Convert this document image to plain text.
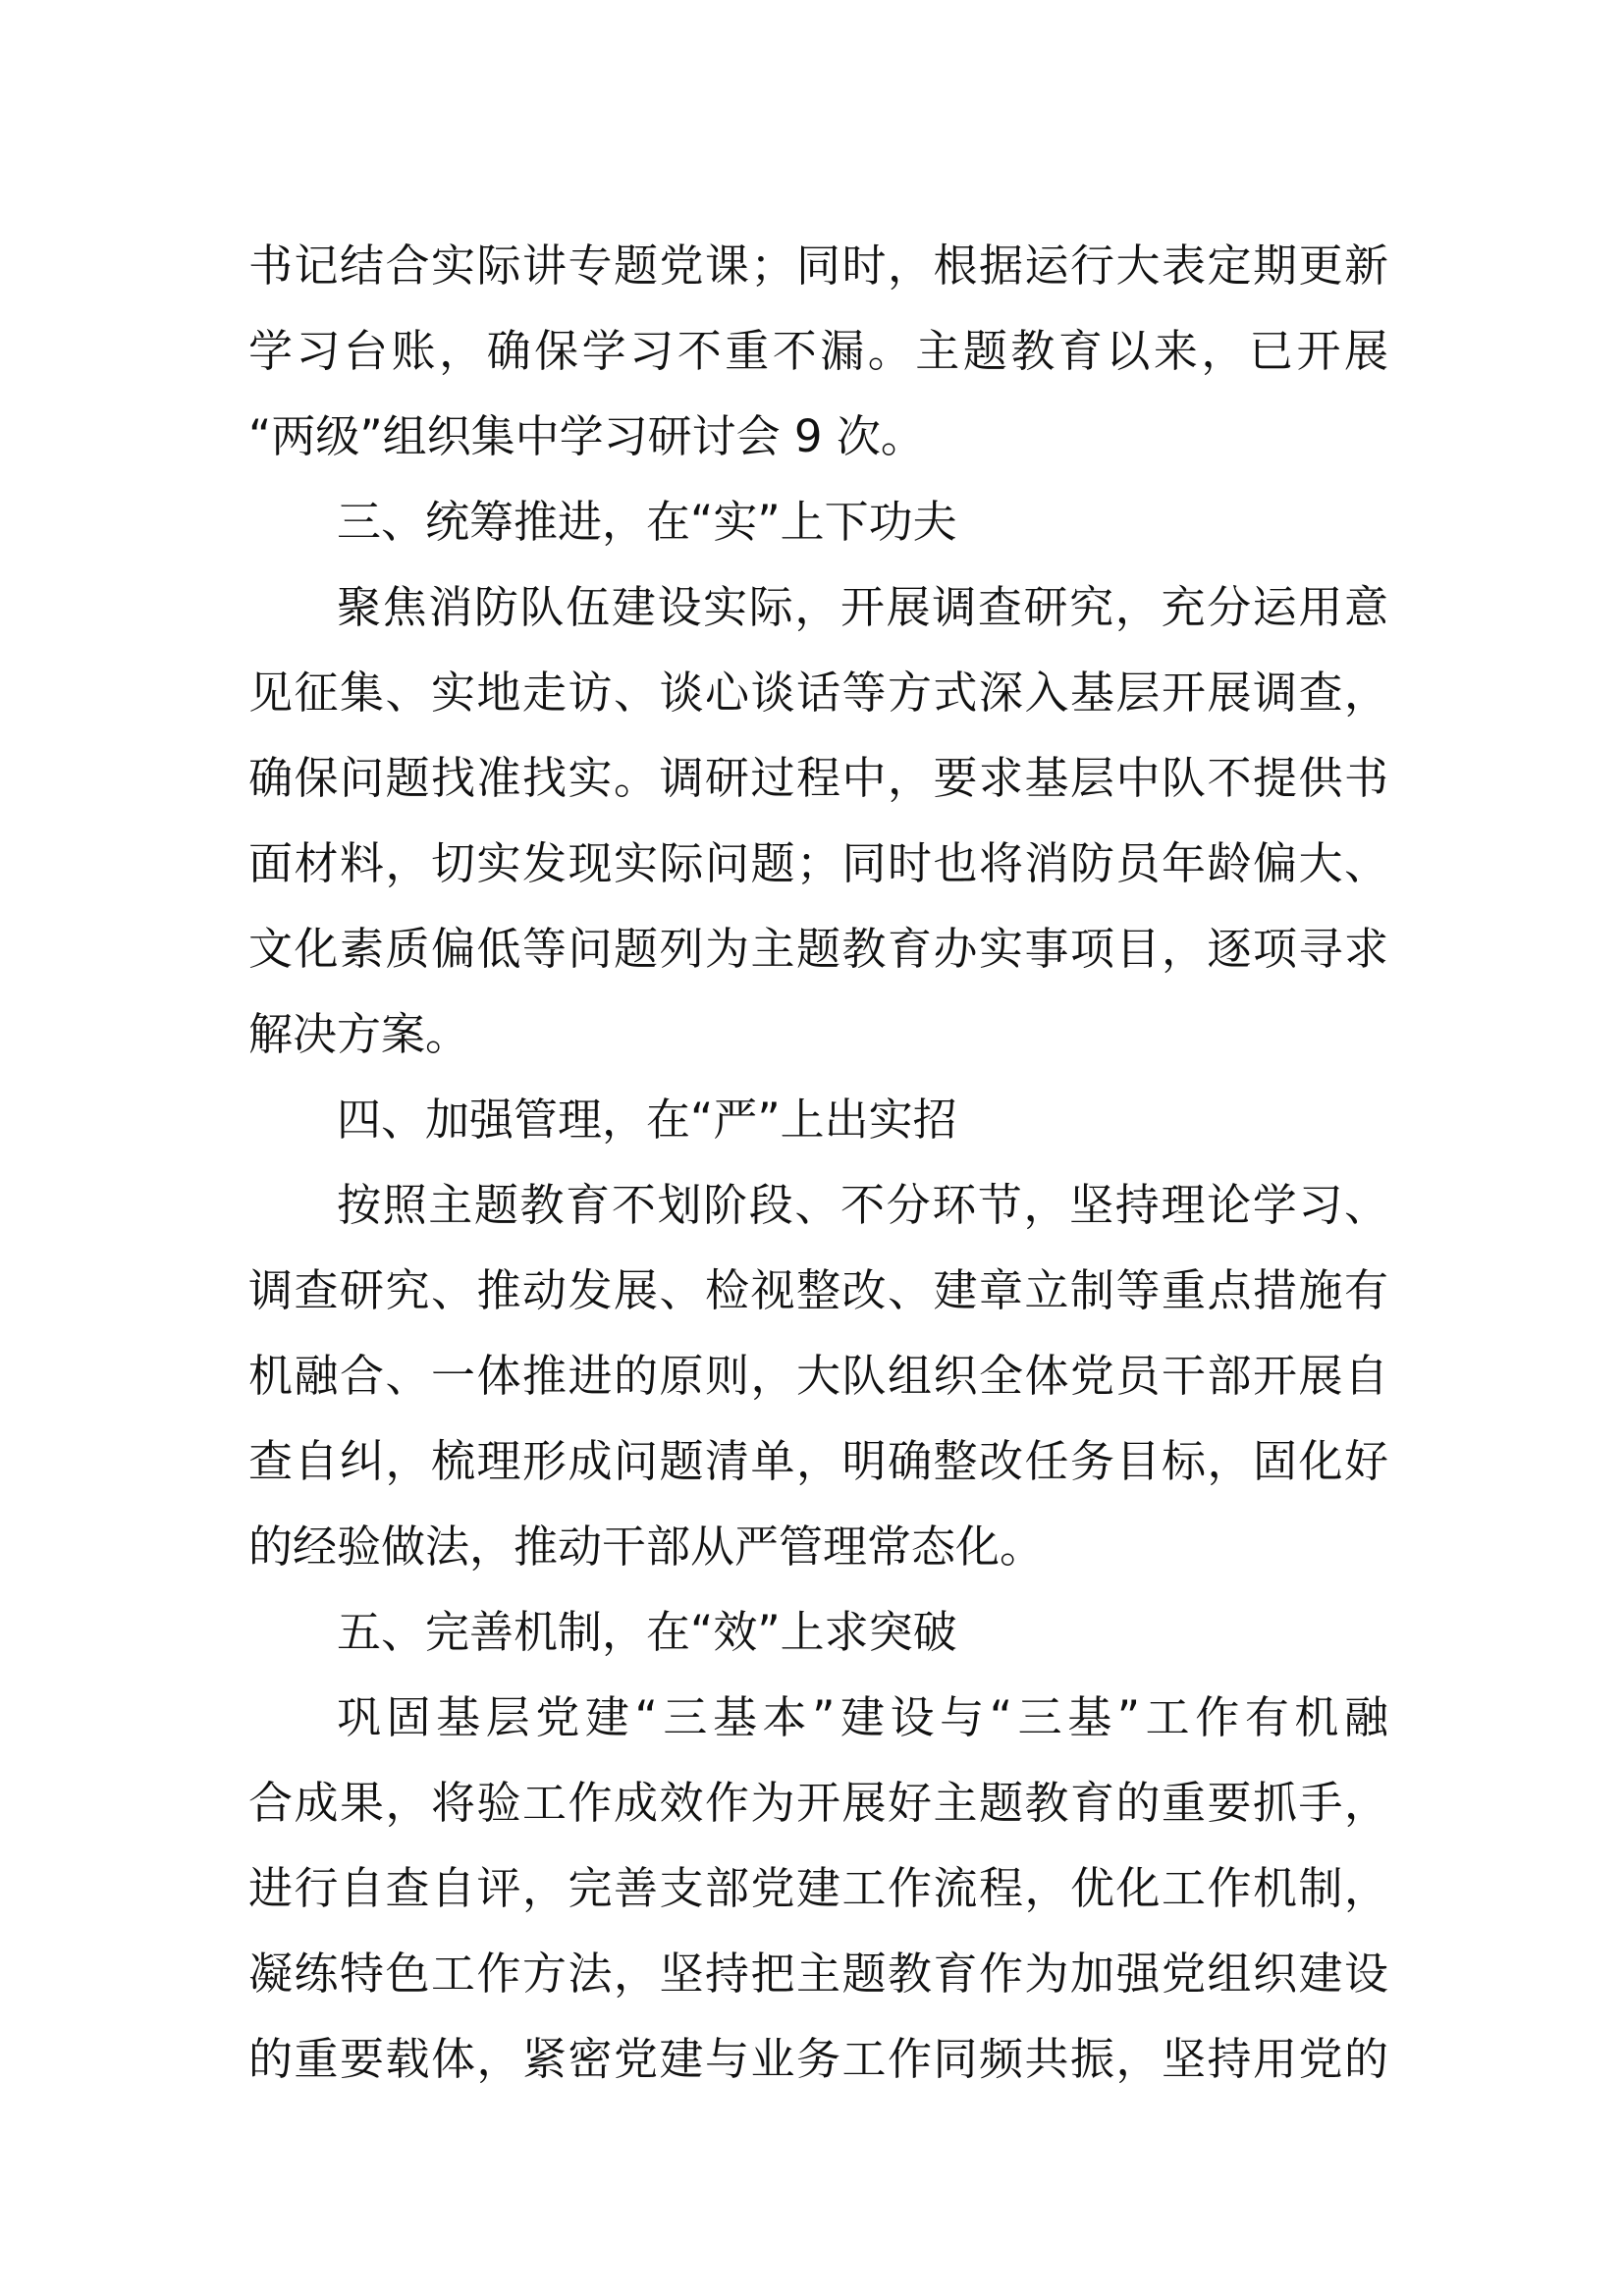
书记结合实际讲专题党课；同时，根据运行大表定期更新
学习台账，确保学习不重不漏。主题教育以来，已开展
“两级”组织集中学习研讨会 9 次。
三、统筹推进，在“实”上下功夫
聚焦消防队伍建设实际，开展调查研究，充分运用意
见征集、实地走访、谈心谈话等方式深入基层开展调查，
确保问题找准找实。调研过程中，要求基层中队不提供书
面材料，切实发现实际问题；同时也将消防员年龄偏大、
文化素质偏低等问题列为主题教育办实事项目，逐项寻求
解决方案。
四、加强管理，在“严”上出实招
按照主题教育不划阶段、不分环节，坚持理论学习、
调查研究、推动发展、检视整改、建章立制等重点措施有
机融合、一体推进的原则，大队组织全体党员干部开展自
查自纠，梳理形成问题清单，明确整改任务目标，固化好
的经验做法，推动干部从严管理常态化。
五、完善机制，在“效”上求突破
巩固基层党建“三基本”建设与“三基”工作有机融
合成果，将验工作成效作为开展好主题教育的重要抓手，
进行自查自评，完善支部党建工作流程，优化工作机制，
凝练特色工作方法，坚持把主题教育作为加强党组织建设
的重要载体，紧密党建与业务工作同频共振，坚持用党的
